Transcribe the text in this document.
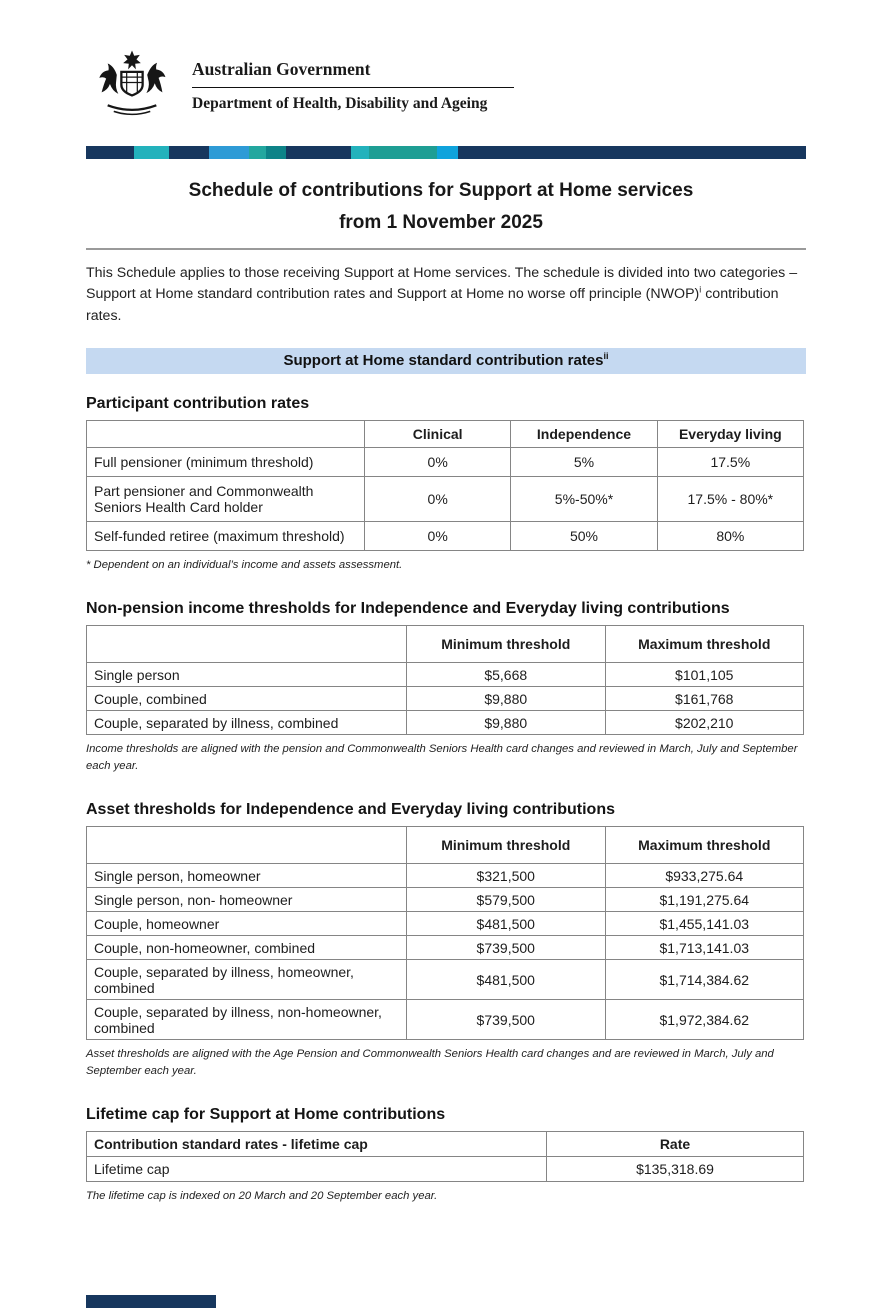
Australian Government
Department of Health, Disability and Ageing
Schedule of contributions for Support at Home services
from 1 November 2025

This Schedule applies to those receiving Support at Home services. The schedule is divided into two categories – Support at Home standard contribution rates and Support at Home no worse off principle (NWOP)$^i$ contribution rates.

Support at Home standard contribution rates$^{ii}$
Participant contribution rates
	Clinical	Independence	Everyday living
Full pensioner (minimum threshold)	0%	5%	17.5%
Part pensioner and Commonwealth Seniors Health Card holder	0%	5%-50%*	17.5% - 80%*
Self-funded retiree (maximum threshold)	0%	50%	80%
* Dependent on an individual’s income and assets assessment.
Non-pension income thresholds for Independence and Everyday living contributions
	Minimum threshold	Maximum threshold
Single person	$5,668	$101,105
Couple, combined	$9,880	$161,768
Couple, separated by illness, combined	$9,880	$202,210
Income thresholds are aligned with the pension and Commonwealth Seniors Health card changes and reviewed in March, July and September each year.
Asset thresholds for Independence and Everyday living contributions
	Minimum threshold	Maximum threshold
Single person, homeowner	$321,500	$933,275.64
Single person, non- homeowner	$579,500	$1,191,275.64
Couple, homeowner	$481,500	$1,455,141.03
Couple, non-homeowner, combined	$739,500	$1,713,141.03
Couple, separated by illness, homeowner, combined	$481,500	$1,714,384.62
Couple, separated by illness, non-homeowner, combined	$739,500	$1,972,384.62
Asset thresholds are aligned with the Age Pension and Commonwealth Seniors Health card changes and are reviewed in March, July and September each year.
Lifetime cap for Support at Home contributions
Contribution standard rates - lifetime cap	Rate
Lifetime cap	$135,318.69
The lifetime cap is indexed on 20 March and 20 September each year.
